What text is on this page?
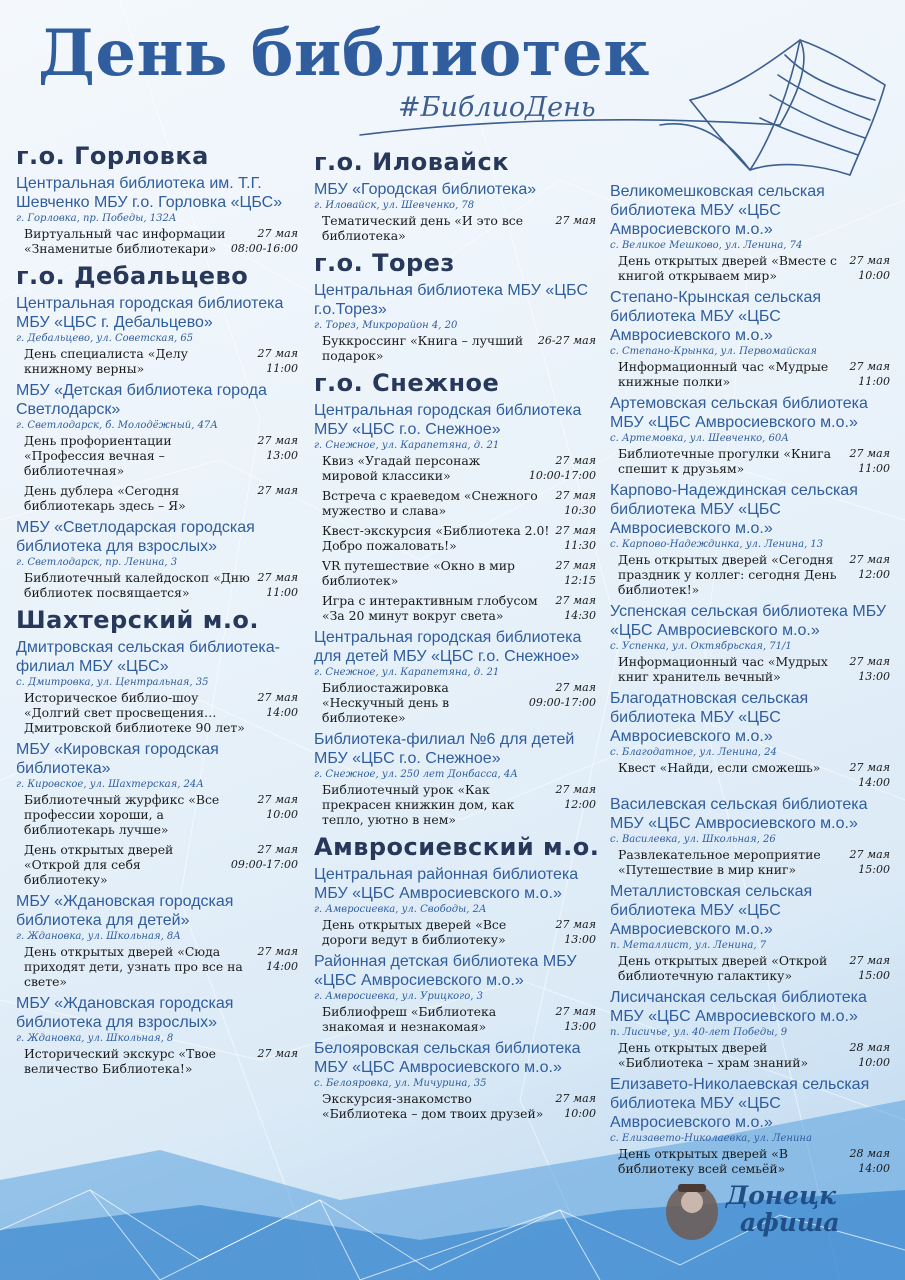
День библиотек
#БиблиоДень
г.о. Горловка
Центральная библиотека им. Т.Г. Шевченко МБУ г.о. Горловка «ЦБС»
г. Горловка, пр. Победы, 132А
Виртуальный час информации «Знаменитые библиотекари»
27 мая
08:00-16:00
г.о. Дебальцево
Центральная городская библиотека МБУ «ЦБС г. Дебальцево»
г. Дебальцево, ул. Советская, 65
День специалиста «Делу книжному верны»
27 мая
11:00
МБУ «Детская библиотека города Светлодарск»
г. Светлодарск, б. Молодёжный, 47А
День профориентации «Профессия вечная – библиотечная»
27 мая
13:00
День дублера «Сегодня библиотекарь здесь – Я»
27 мая
МБУ «Светлодарская городская библиотека для взрослых»
г. Светлодарск, пр. Ленина, 3
Библиотечный калейдоскоп «Дню библиотек посвящается»
27 мая
11:00
Шахтерский м.о.
Дмитровская сельская библиотека-филиал МБУ «ЦБС»
с. Дмитровка, ул. Центральная, 35
Историческое библио-шоу «Долгий свет просвещения… Дмитровской библиотеке 90 лет»
27 мая
14:00
МБУ «Кировская городская библиотека»
г. Кировское, ул. Шахтерская, 24А
Библиотечный журфикс «Все профессии хороши, а библиотекарь лучше»
27 мая
10:00
День открытых дверей «Открой для себя библиотеку»
27 мая
09:00-17:00
МБУ «Ждановская городская библиотека для детей»
г. Ждановка, ул. Школьная, 8А
День открытых дверей «Сюда приходят дети, узнать про все на свете»
27 мая
14:00
МБУ «Ждановская городская библиотека для взрослых»
г. Ждановка, ул. Школьная, 8
Исторический экскурс «Твое величество Библиотека!»
27 мая
г.о. Иловайск
МБУ «Городская библиотека»
г. Иловайск, ул. Шевченко, 78
Тематический день «И это все библиотека»
27 мая
г.о. Торез
Центральная библиотека МБУ «ЦБС г.о.Торез»
г. Торез, Микрорайон 4, 20
Буккроссинг «Книга – лучший подарок»
26-27 мая
г.о. Снежное
Центральная городская библиотека МБУ «ЦБС г.о. Снежное»
г. Снежное, ул. Карапетяна, д. 21
Квиз «Угадай персонаж мировой классики»
27 мая
10:00-17:00
Встреча с краеведом «Снежного мужество и слава»
27 мая
10:30
Квест-экскурсия «Библиотека 2.0! Добро пожаловать!»
27 мая
11:30
VR путешествие «Окно в мир библиотек»
27 мая
12:15
Игра с интерактивным глобусом «За 20 минут вокруг света»
27 мая
14:30
Центральная городская библиотека для детей МБУ «ЦБС г.о. Снежное»
г. Снежное, ул. Карапетяна, д. 21
Библиостажировка «Нескучный день в библиотеке»
27 мая
09:00-17:00
Библиотека-филиал №6 для детей МБУ «ЦБС г.о. Снежное»
г. Снежное, ул. 250 лет Донбасса, 4А
Библиотечный урок «Как прекрасен книжкин дом, как тепло, уютно в нем»
27 мая
12:00
Амвросиевский м.о.
Центральная районная библиотека МБУ «ЦБС Амвросиевского м.о.»
г. Амвросиевка, ул. Свободы, 2А
День открытых дверей «Все дороги ведут в библиотеку»
27 мая
13:00
Районная детская библиотека МБУ «ЦБС Амвросиевского м.о.»
г. Амвросиевка, ул. Урицкого, 3
Библиофреш «Библиотека знакомая и незнакомая»
27 мая
13:00
Белояровская сельская библиотека МБУ «ЦБС Амвросиевского м.о.»
с. Белояровка, ул. Мичурина, 35
Экскурсия-знакомство «Библиотека – дом твоих друзей»
27 мая
10:00
Великомешковская сельская библиотека МБУ «ЦБС Амвросиевского м.о.»
с. Великое Мешково, ул. Ленина, 74
День открытых дверей «Вместе с книгой открываем мир»
27 мая
10:00
Степано-Крынская сельская библиотека МБУ «ЦБС Амвросиевского м.о.»
с. Степано-Крынка, ул. Первомайская
Информационный час «Мудрые книжные полки»
27 мая
11:00
Артемовская сельская библиотека МБУ «ЦБС Амвросиевского м.о.»
с. Артемовка, ул. Шевченко, 60А
Библиотечные прогулки «Книга спешит к друзьям»
27 мая
11:00
Карпово-Надеждинская сельская библиотека МБУ «ЦБС Амвросиевского м.о.»
с. Карпово-Надеждинка, ул. Ленина, 13
День открытых дверей «Сегодня праздник у коллег: сегодня День библиотек!»
27 мая
12:00
Успенская сельская библиотека МБУ «ЦБС Амвросиевского м.о.»
с. Успенка, ул. Октябрьская, 71/1
Информационный час «Мудрых книг хранитель вечный»
27 мая
13:00
Благодатновская сельская библиотека МБУ «ЦБС Амвросиевского м.о.»
с. Благодатное, ул. Ленина, 24
Квест «Найди, если сможешь»	27 мая
14:00
Василевская сельская библиотека МБУ «ЦБС Амвросиевского м.о.»
с. Василевка, ул. Школьная, 26
Развлекательное мероприятие «Путешествие в мир книг»
27 мая
15:00
Металлистовская сельская библиотека МБУ «ЦБС Амвросиевского м.о.»
п. Металлист, ул. Ленина, 7
День открытых дверей «Открой библиотечную галактику»
27 мая
15:00
Лисичанская сельская библиотека МБУ «ЦБС Амвросиевского м.о.»
п. Лисичье, ул. 40-лет Победы, 9
День открытых дверей «Библиотека – храм знаний»
28 мая
10:00
Елизавето-Николаевская сельская библиотека МБУ «ЦБС Амвросиевского м.о.»
с. Елизавето-Николаевка, ул. Ленина
День открытых дверей «В библиотеку всей семьёй»
28 мая
14:00
Донецк
афиша
